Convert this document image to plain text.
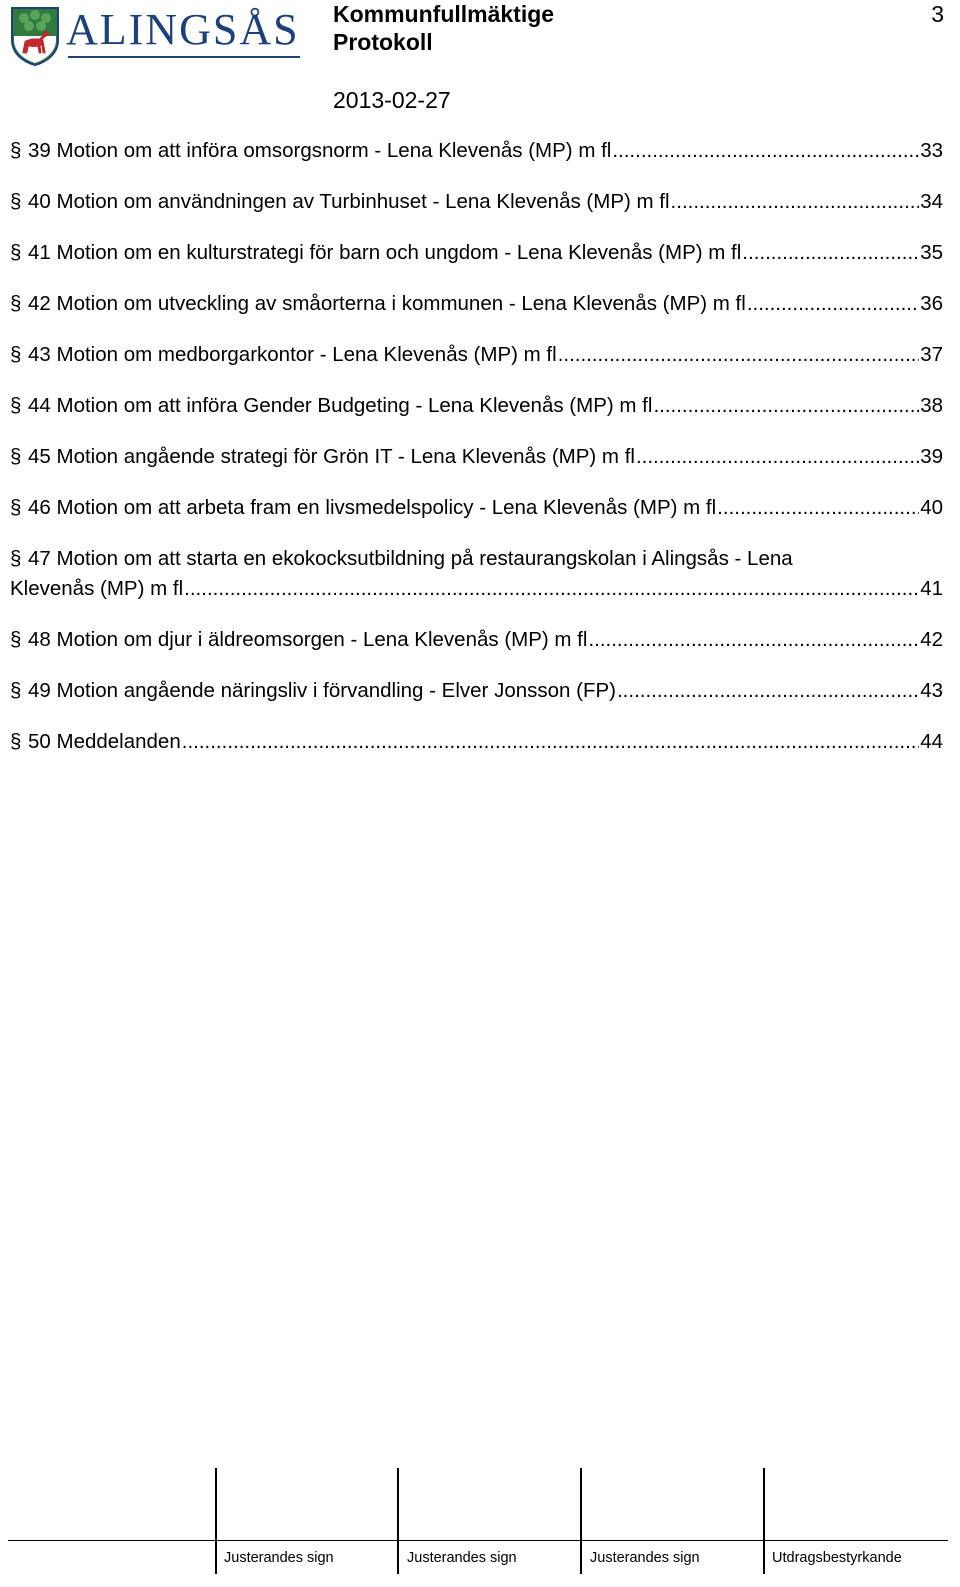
ALINGSÅS Kommunfullmäktige
Protokoll
2013-02-27
3
§ 39 Motion om att införa omsorgsnorm - Lena Klevenås (MP) m fl .....	33
§ 40 Motion om användningen av Turbinhuset - Lena Klevenås (MP) m fl .....	34
§ 41 Motion om en kulturstrategi för barn och ungdom - Lena Klevenås (MP) m fl .....	35
§ 42 Motion om utveckling av småorterna i kommunen - Lena Klevenås (MP) m fl .....	36
§ 43 Motion om medborgarkontor - Lena Klevenås (MP) m fl .....	37
§ 44 Motion om att införa Gender Budgeting - Lena Klevenås (MP) m fl .....	38
§ 45 Motion angående strategi för Grön IT - Lena Klevenås (MP) m fl .....	39
§ 46 Motion om att arbeta fram en livsmedelspolicy - Lena Klevenås (MP) m fl .....	40
§ 47 Motion om att starta en ekokocksutbildning på restaurangskolan i Alingsås - Lena
Klevenås (MP) m fl .....	41
§ 48 Motion om djur i äldreomsorgen - Lena Klevenås (MP) m fl .....	42
§ 49 Motion angående näringsliv i förvandling - Elver Jonsson (FP) .....	43
§ 50 Meddelanden .....	44
Justerandes sign	Justerandes sign	Justerandes sign	Utdragsbestyrkande
